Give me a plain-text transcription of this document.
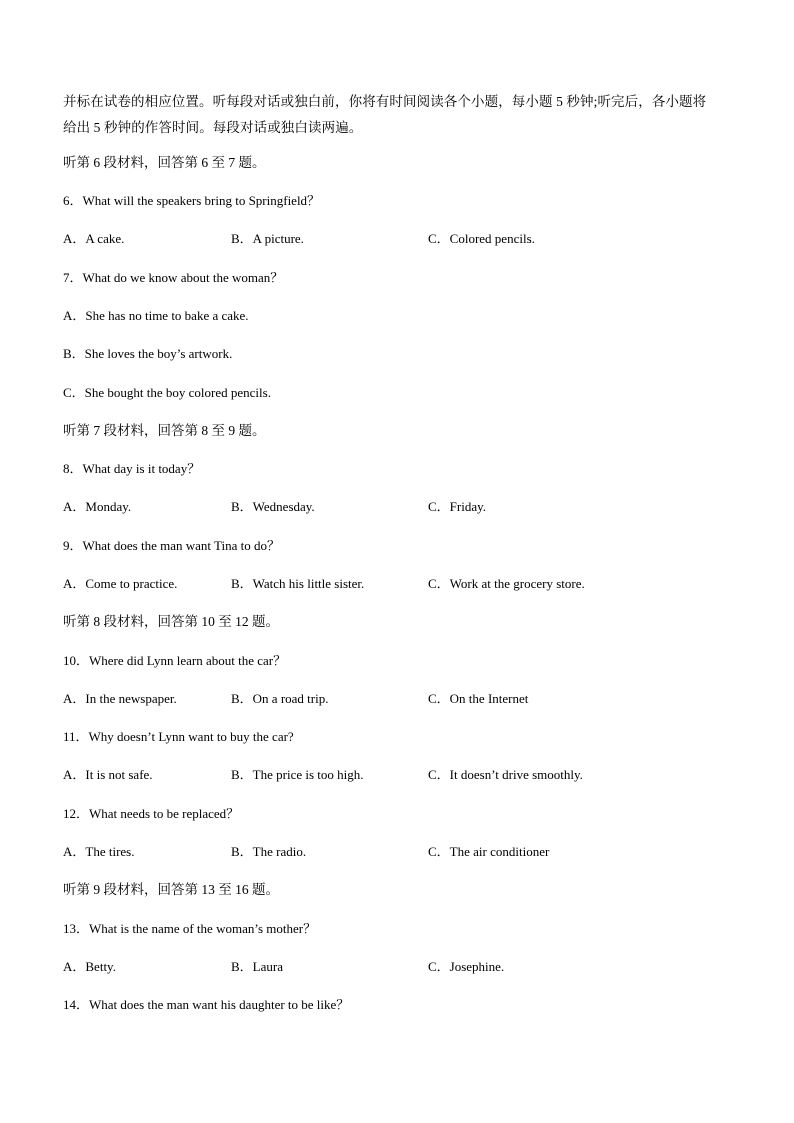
并标在试卷的相应位置。听每段对话或独白前，你将有时间阅读各个小题，每小题 5 秒钟;听完后，各小题将
给出 5 秒钟的作答时间。每段对话或独白读两遍。
听第 6 段材料，回答第 6 至 7 题。
6．What will the speakers bring to Springfield？
A．A cake.	B．A picture.	C．Colored pencils.
7．What do we know about the woman？
A．She has no time to bake a cake.
B．She loves the boy’s artwork.
C．She bought the boy colored pencils.
听第 7 段材料，回答第 8 至 9 题。
8．What day is it today？
A．Monday.	B．Wednesday.	C．Friday.
9．What does the man want Tina to do？
A．Come to practice.	B．Watch his little sister.	C．Work at the grocery store.
听第 8 段材料，回答第 10 至 12 题。
10．Where did Lynn learn about the car？
A．In the newspaper.	B．On a road trip.	C．On the Internet
11．Why doesn’t Lynn want to buy the car?
A．It is not safe.	B．The price is too high.	C．It doesn’t drive smoothly.
12．What needs to be replaced？
A．The tires.	B．The radio.	C．The air conditioner
听第 9 段材料，回答第 13 至 16 题。
13．What is the name of the woman’s mother？
A．Betty.	B．Laura	C．Josephine.
14．What does the man want his daughter to be like？
